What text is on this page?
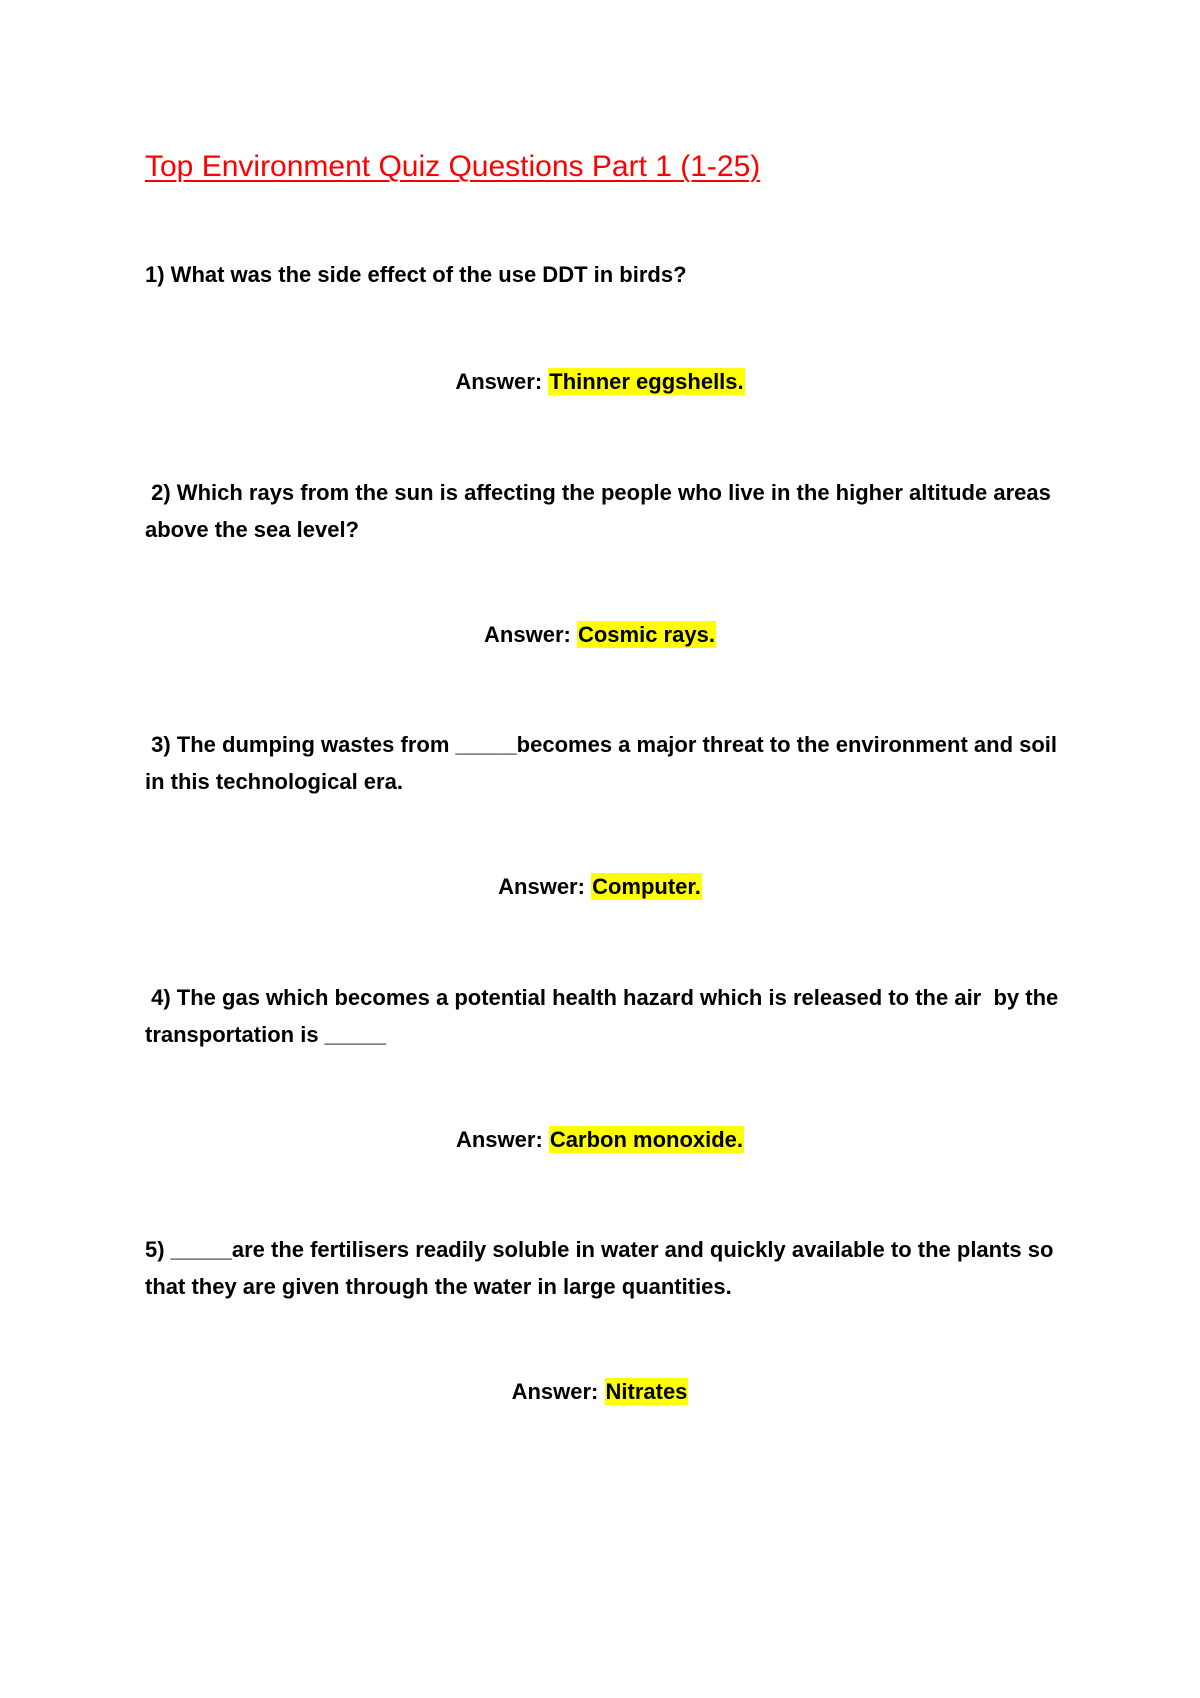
Top Environment Quiz Questions Part 1 (1-25)

1) What was the side effect of the use DDT in birds?

Answer: Thinner eggshells.

2) Which rays from the sun is affecting the people who live in the higher altitude areas above the sea level?

Answer: Cosmic rays.

3) The dumping wastes from _____becomes a major threat to the environment and soil in this technological era.

Answer: Computer.

4) The gas which becomes a potential health hazard which is released to the air  by the  transportation is _____

Answer: Carbon monoxide.

5) _____are the fertilisers readily soluble in water and quickly available to the plants so that they are given through the water in large quantities.

Answer: Nitrates
